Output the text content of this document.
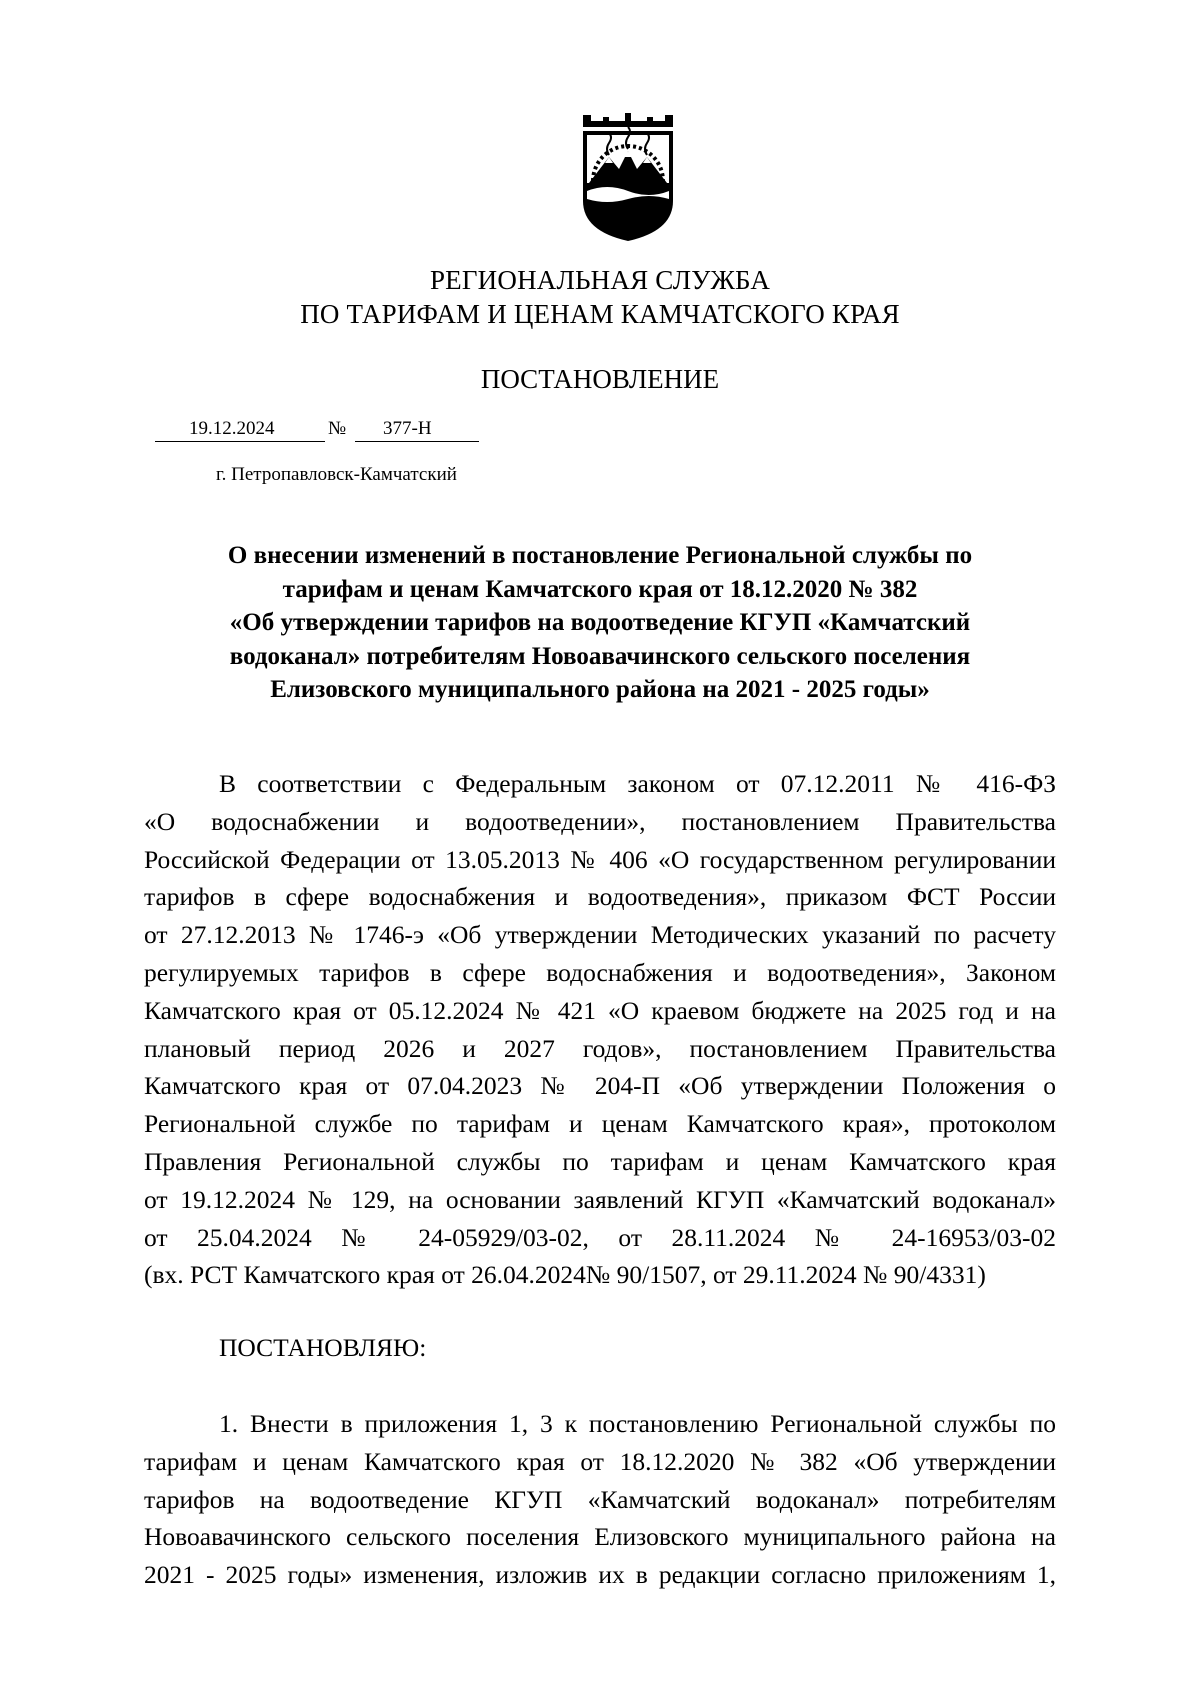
РЕГИОНАЛЬНАЯ СЛУЖБА
ПО ТАРИФАМ И ЦЕНАМ КАМЧАТСКОГО КРАЯ
ПОСТАНОВЛЕНИЕ
19.12.2024	№ 377-Н
г. Петропавловск-Камчатский
О внесении изменений в постановление Региональной службы по
тарифам и ценам Камчатского края от 18.12.2020 № 382
«Об утверждении тарифов на водоотведение КГУП «Камчатский
водоканал» потребителям Новоавачинского сельского поселения
Елизовского муниципального района на 2021 - 2025 годы»
В соответствии с Федеральным законом от 07.12.2011 № 416-ФЗ
«О водоснабжении и водоотведении», постановлением Правительства
Российской Федерации от 13.05.2013 № 406 «О государственном регулировании
тарифов в сфере водоснабжения и водоотведения», приказом ФСТ России
от 27.12.2013 № 1746-э «Об утверждении Методических указаний по расчету
регулируемых тарифов в сфере водоснабжения и водоотведения», Законом
Камчатского края от 05.12.2024 № 421 «О краевом бюджете на 2025 год и на
плановый период 2026 и 2027 годов», постановлением Правительства
Камчатского края от 07.04.2023 № 204-П «Об утверждении Положения о
Региональной службе по тарифам и ценам Камчатского края», протоколом
Правления Региональной службы по тарифам и ценам Камчатского края
от 19.12.2024 № 129, на основании заявлений КГУП «Камчатский водоканал»
от 25.04.2024 № 24-05929/03-02, от 28.11.2024 № 24-16953/03-02
(вх. РСТ Камчатского края от 26.04.2024№ 90/1507, от 29.11.2024 № 90/4331)
ПОСТАНОВЛЯЮ:
1. Внести в приложения 1, 3 к постановлению Региональной службы по
тарифам и ценам Камчатского края от 18.12.2020 № 382 «Об утверждении
тарифов на водоотведение КГУП «Камчатский водоканал» потребителям
Новоавачинского сельского поселения Елизовского муниципального района на
2021 - 2025 годы» изменения, изложив их в редакции согласно приложениям 1,
